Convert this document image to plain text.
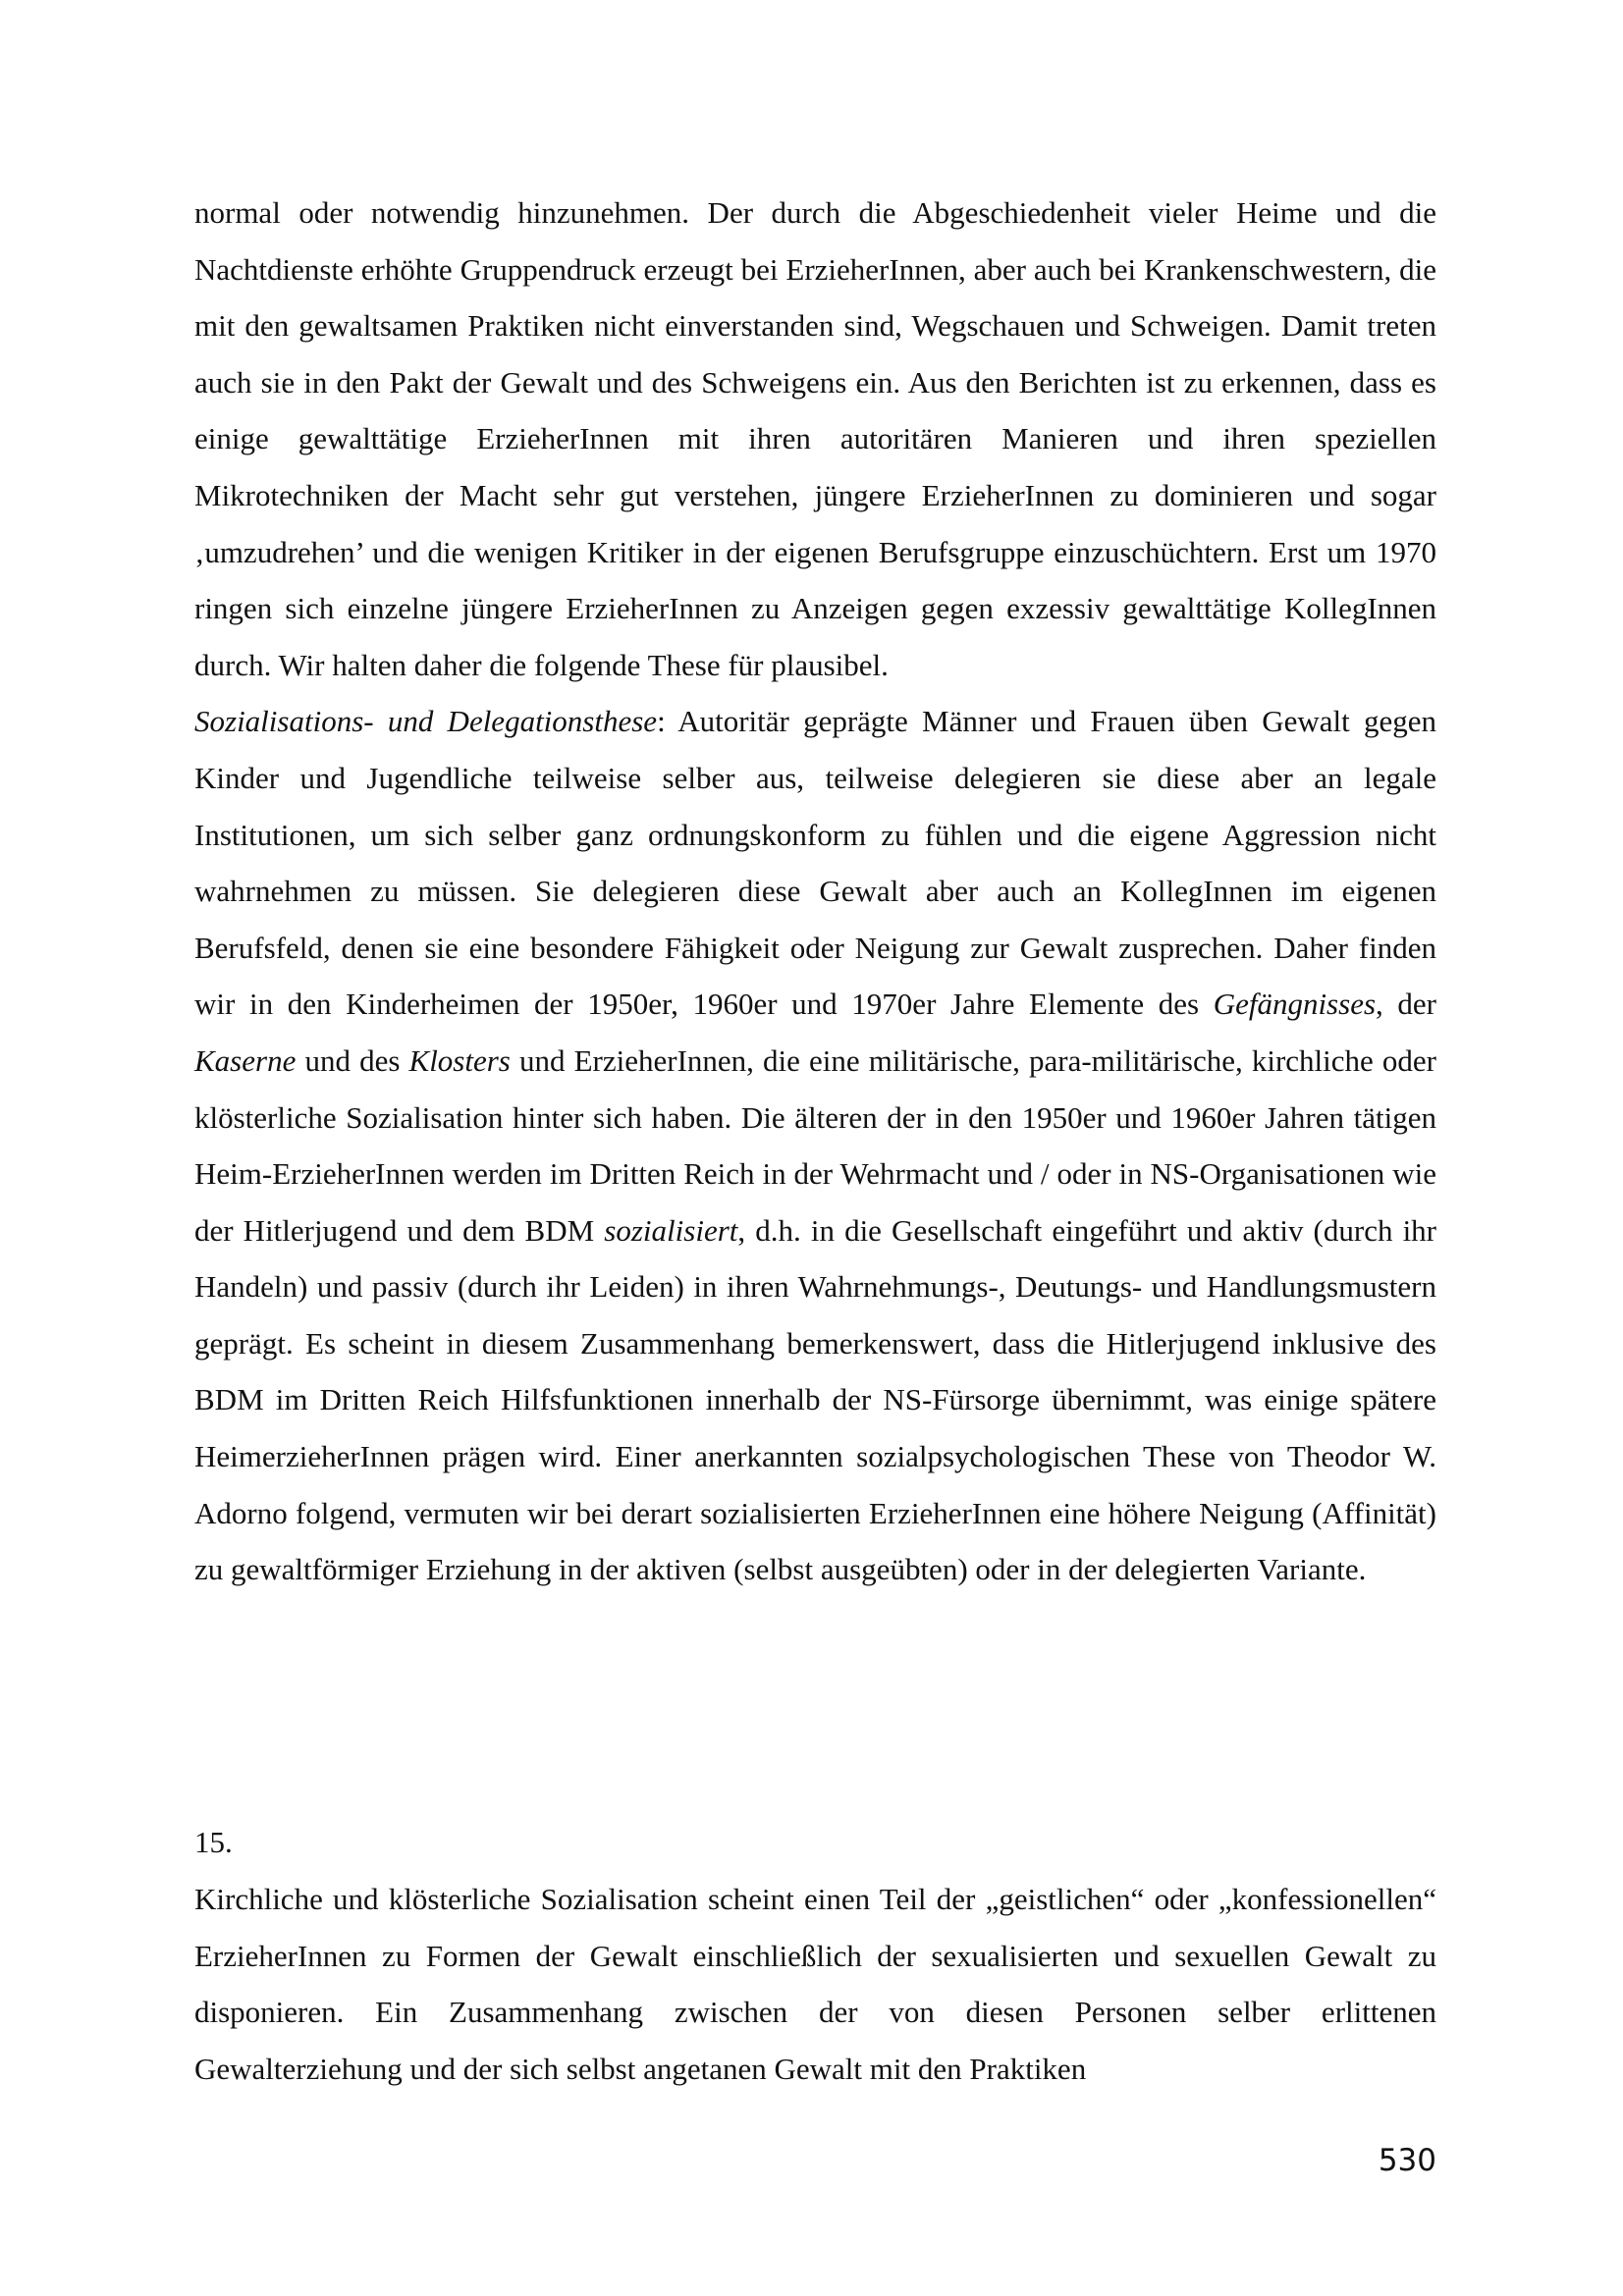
normal oder notwendig hinzunehmen. Der durch die Abgeschiedenheit vieler Heime und die Nachtdienste erhöhte Gruppendruck erzeugt bei ErzieherInnen, aber auch bei Krankenschwestern, die mit den gewaltsamen Praktiken nicht einverstanden sind, Wegschauen und Schweigen. Damit treten auch sie in den Pakt der Gewalt und des Schweigens ein. Aus den Berichten ist zu erkennen, dass es einige gewalttätige ErzieherInnen mit ihren autoritären Manieren und ihren speziellen Mikrotechniken der Macht sehr gut verstehen, jüngere ErzieherInnen zu dominieren und sogar ‚umzudrehen’ und die wenigen Kritiker in der eigenen Berufsgruppe einzuschüchtern. Erst um 1970 ringen sich einzelne jüngere ErzieherInnen zu Anzeigen gegen exzessiv gewalttätige KollegInnen durch. Wir halten daher die folgende These für plausibel.

Sozialisations- und Delegationsthese: Autoritär geprägte Männer und Frauen üben Gewalt gegen Kinder und Jugendliche teilweise selber aus, teilweise delegieren sie diese aber an legale Institutionen, um sich selber ganz ordnungskonform zu fühlen und die eigene Aggression nicht wahrnehmen zu müssen. Sie delegieren diese Gewalt aber auch an KollegInnen im eigenen Berufsfeld, denen sie eine besondere Fähigkeit oder Neigung zur Gewalt zusprechen. Daher finden wir in den Kinderheimen der 1950er, 1960er und 1970er Jahre Elemente des Gefängnisses, der Kaserne und des Klosters und ErzieherInnen, die eine militärische, para-militärische, kirchliche oder klösterliche Sozialisation hinter sich haben. Die älteren der in den 1950er und 1960er Jahren tätigen Heim-ErzieherInnen werden im Dritten Reich in der Wehrmacht und / oder in NS-Organisationen wie der Hitlerjugend und dem BDM sozialisiert, d.h. in die Gesellschaft eingeführt und aktiv (durch ihr Handeln) und passiv (durch ihr Leiden) in ihren Wahrnehmungs-, Deutungs- und Handlungsmustern geprägt. Es scheint in diesem Zusammenhang bemerkenswert, dass die Hitlerjugend inklusive des BDM im Dritten Reich Hilfsfunktionen innerhalb der NS-Fürsorge übernimmt, was einige spätere HeimerzieherInnen prägen wird. Einer anerkannten sozialpsychologischen These von Theodor W. Adorno folgend, vermuten wir bei derart sozialisierten ErzieherInnen eine höhere Neigung (Affinität) zu gewaltförmiger Erziehung in der aktiven (selbst ausgeübten) oder in der delegierten Variante.

15.

Kirchliche und klösterliche Sozialisation scheint einen Teil der „geistlichen“ oder „konfessionellen“ ErzieherInnen zu Formen der Gewalt einschließlich der sexualisierten und sexuellen Gewalt zu disponieren. Ein Zusammenhang zwischen der von diesen Personen selber erlittenen Gewalterziehung und der sich selbst angetanen Gewalt mit den Praktiken

530
